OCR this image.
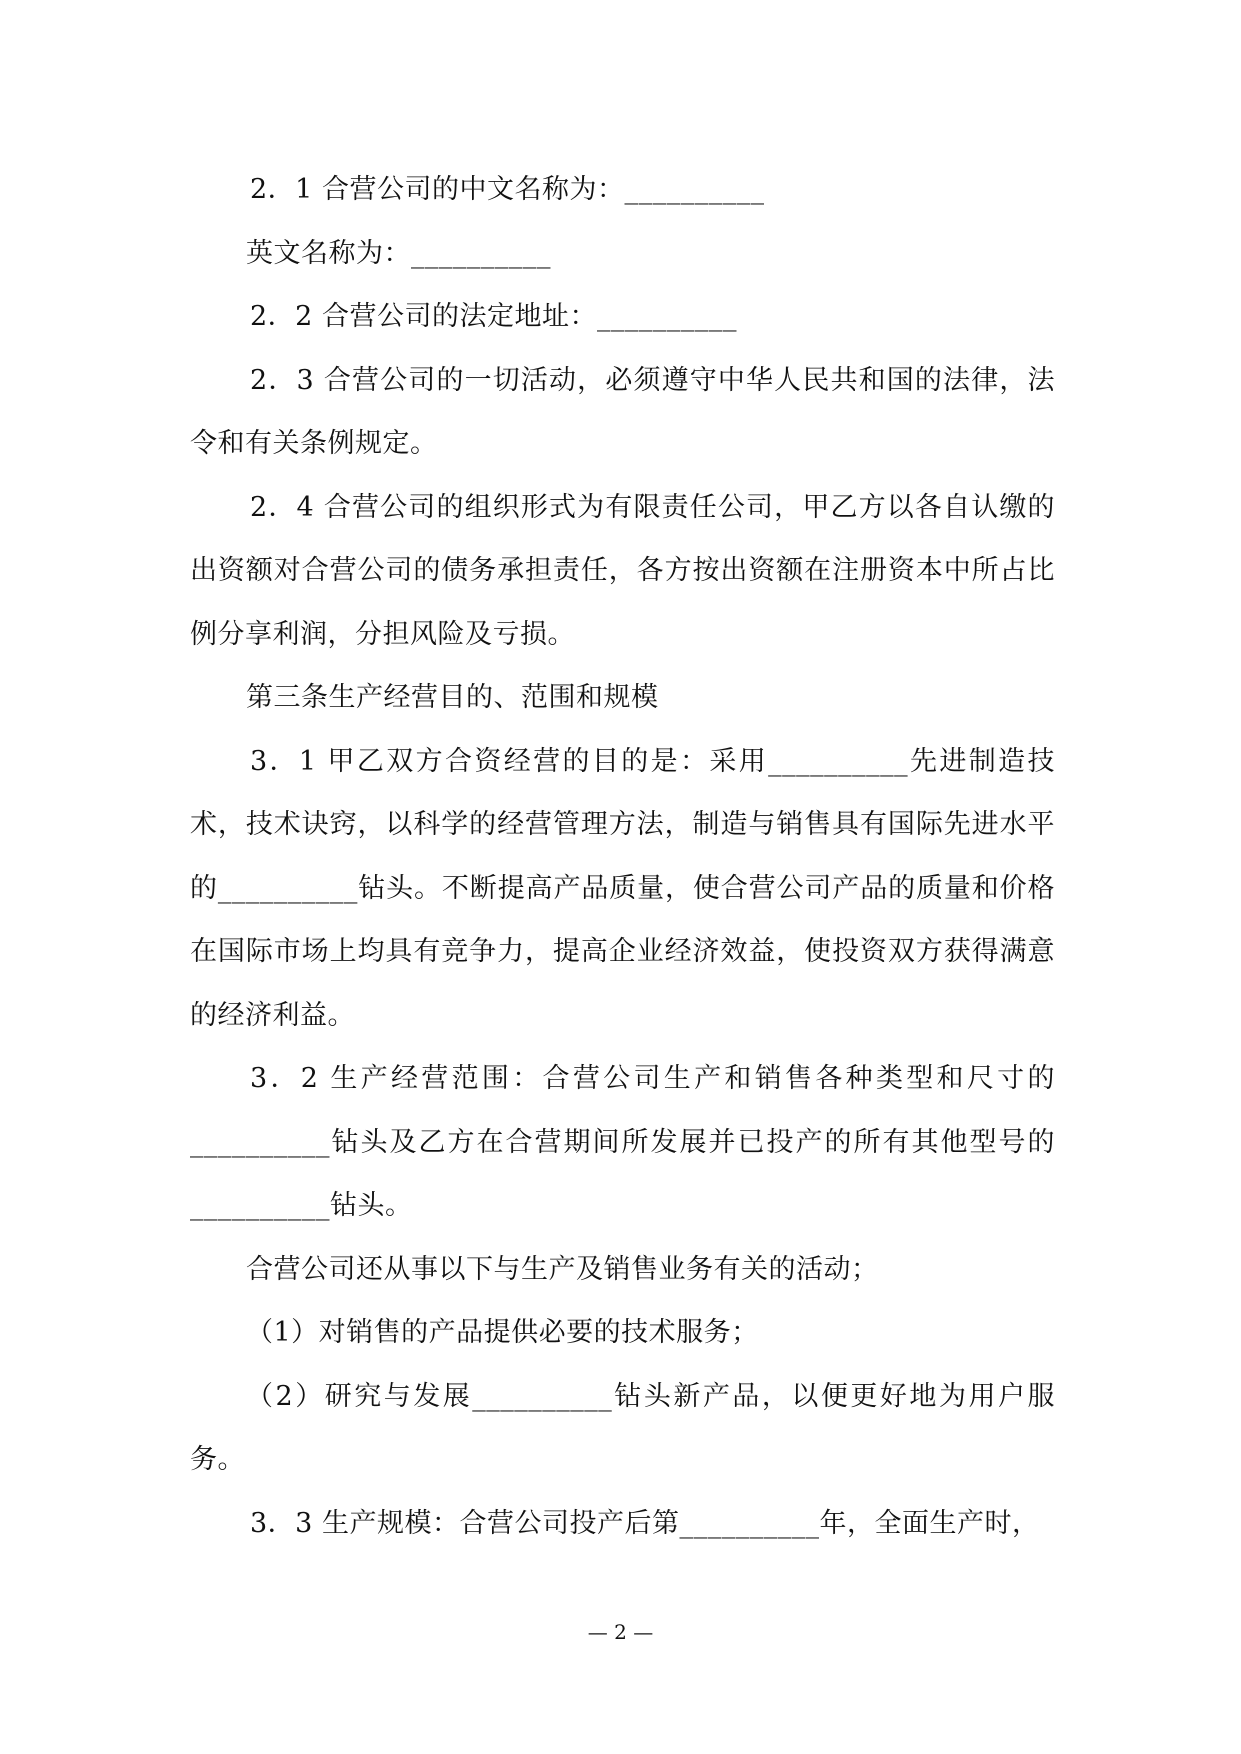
2．1 合营公司的中文名称为：__________

英文名称为：__________

2．2 合营公司的法定地址：__________

2．3 合营公司的一切活动，必须遵守中华人民共和国的法律，法令和有关条例规定。

2．4 合营公司的组织形式为有限责任公司，甲乙方以各自认缴的出资额对合营公司的债务承担责任，各方按出资额在注册资本中所占比例分享利润，分担风险及亏损。

第三条生产经营目的、范围和规模

3．1 甲乙双方合资经营的目的是：采用__________先进制造技术，技术诀窍，以科学的经营管理方法，制造与销售具有国际先进水平的__________钻头。不断提高产品质量，使合营公司产品的质量和价格在国际市场上均具有竞争力，提高企业经济效益，使投资双方获得满意的经济利益。

3．2 生产经营范围：合营公司生产和销售各种类型和尺寸的__________钻头及乙方在合营期间所发展并已投产的所有其他型号的__________钻头。

合营公司还从事以下与生产及销售业务有关的活动；

（1）对销售的产品提供必要的技术服务；

（2）研究与发展__________钻头新产品，以便更好地为用户服务。

3．3 生产规模：合营公司投产后第__________年，全面生产时，

— 2 —
